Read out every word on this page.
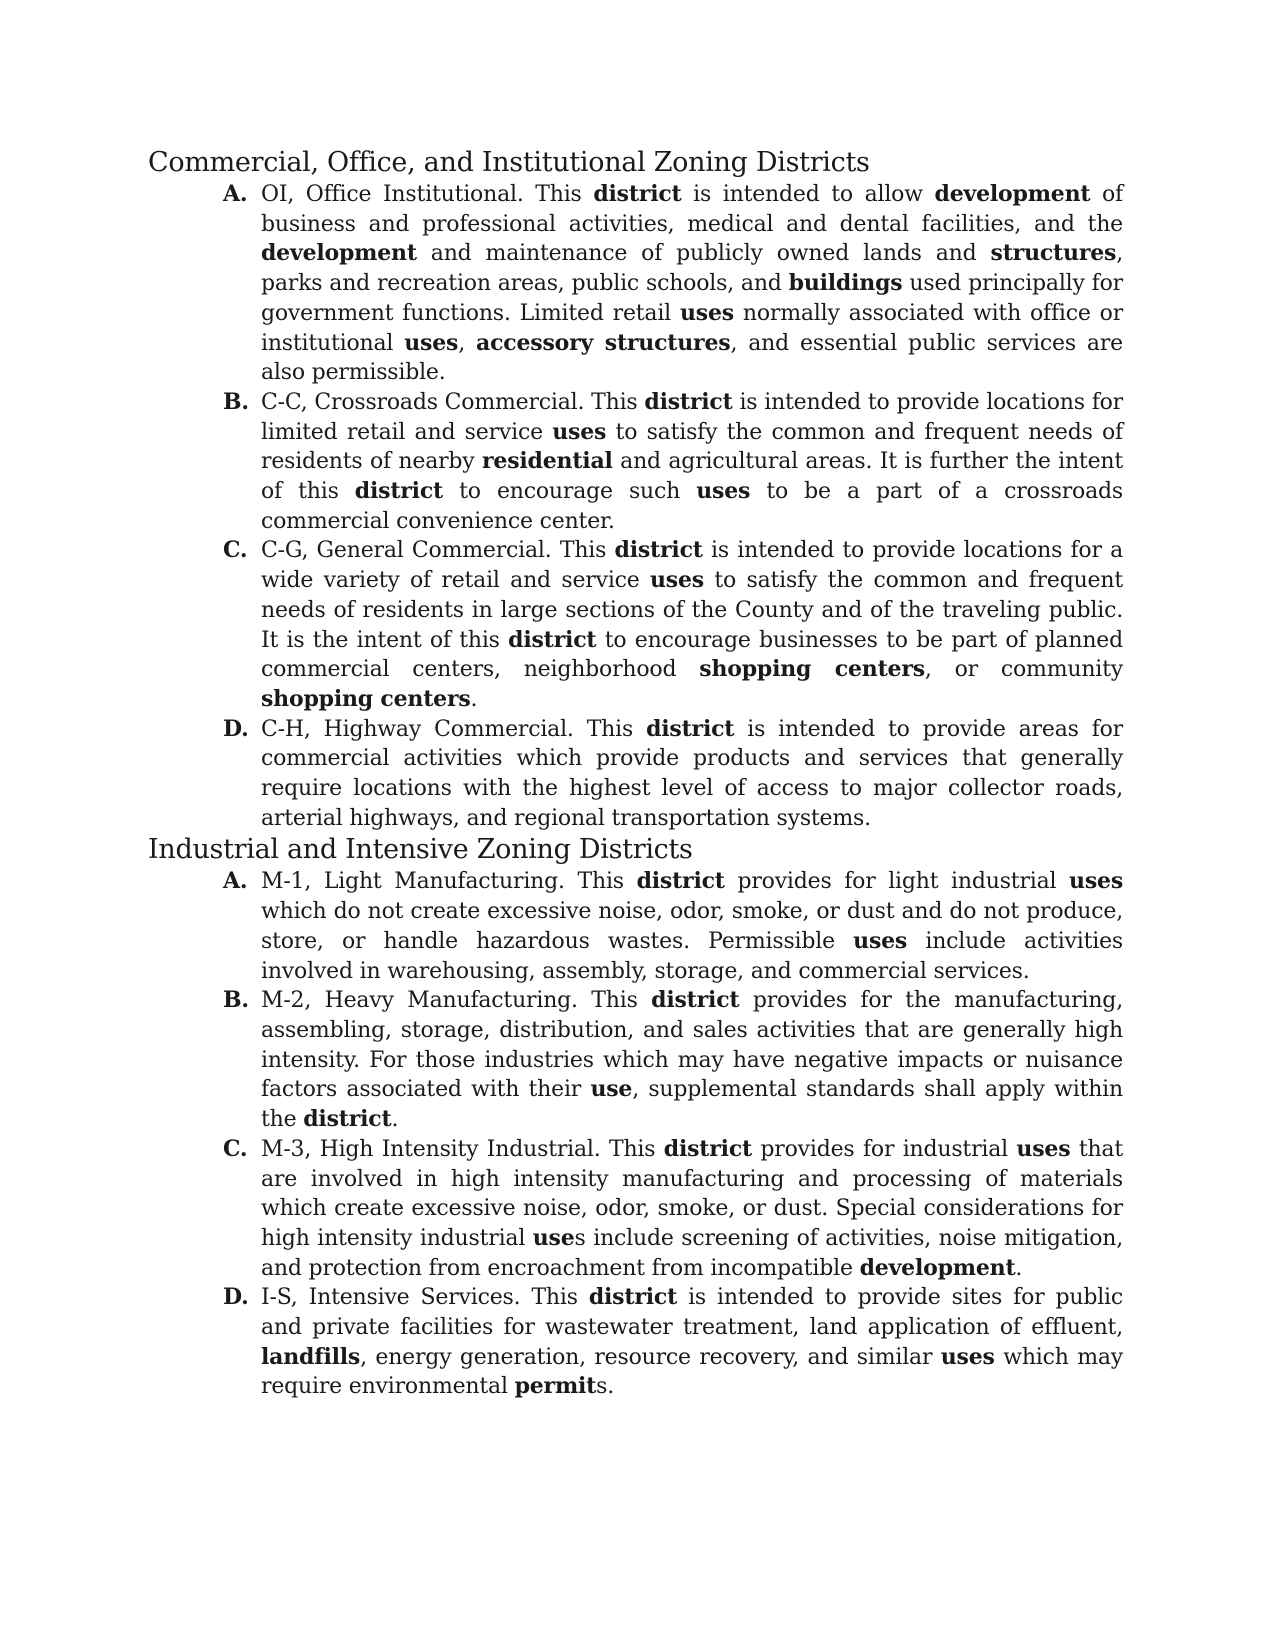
Commercial, Office, and Institutional Zoning Districts
A. OI, Office Institutional. This district is intended to allow development of business and professional activities, medical and dental facilities, and the development and maintenance of publicly owned lands and structures, parks and recreation areas, public schools, and buildings used principally for government functions. Limited retail uses normally associated with office or institutional uses, accessory structures, and essential public services are also permissible.
B. C-C, Crossroads Commercial. This district is intended to provide locations for limited retail and service uses to satisfy the common and frequent needs of residents of nearby residential and agricultural areas. It is further the intent of this district to encourage such uses to be a part of a crossroads commercial convenience center.
C. C-G, General Commercial. This district is intended to provide locations for a wide variety of retail and service uses to satisfy the common and frequent needs of residents in large sections of the County and of the traveling public. It is the intent of this district to encourage businesses to be part of planned commercial centers, neighborhood shopping centers, or community shopping centers.
D. C-H, Highway Commercial. This district is intended to provide areas for commercial activities which provide products and services that generally require locations with the highest level of access to major collector roads, arterial highways, and regional transportation systems.
Industrial and Intensive Zoning Districts
A. M-1, Light Manufacturing. This district provides for light industrial uses which do not create excessive noise, odor, smoke, or dust and do not produce, store, or handle hazardous wastes. Permissible uses include activities involved in warehousing, assembly, storage, and commercial services.
B. M-2, Heavy Manufacturing. This district provides for the manufacturing, assembling, storage, distribution, and sales activities that are generally high intensity. For those industries which may have negative impacts or nuisance factors associated with their use, supplemental standards shall apply within the district.
C. M-3, High Intensity Industrial. This district provides for industrial uses that are involved in high intensity manufacturing and processing of materials which create excessive noise, odor, smoke, or dust. Special considerations for high intensity industrial uses include screening of activities, noise mitigation, and protection from encroachment from incompatible development.
D. I-S, Intensive Services. This district is intended to provide sites for public and private facilities for wastewater treatment, land application of effluent, landfills, energy generation, resource recovery, and similar uses which may require environmental permits.
